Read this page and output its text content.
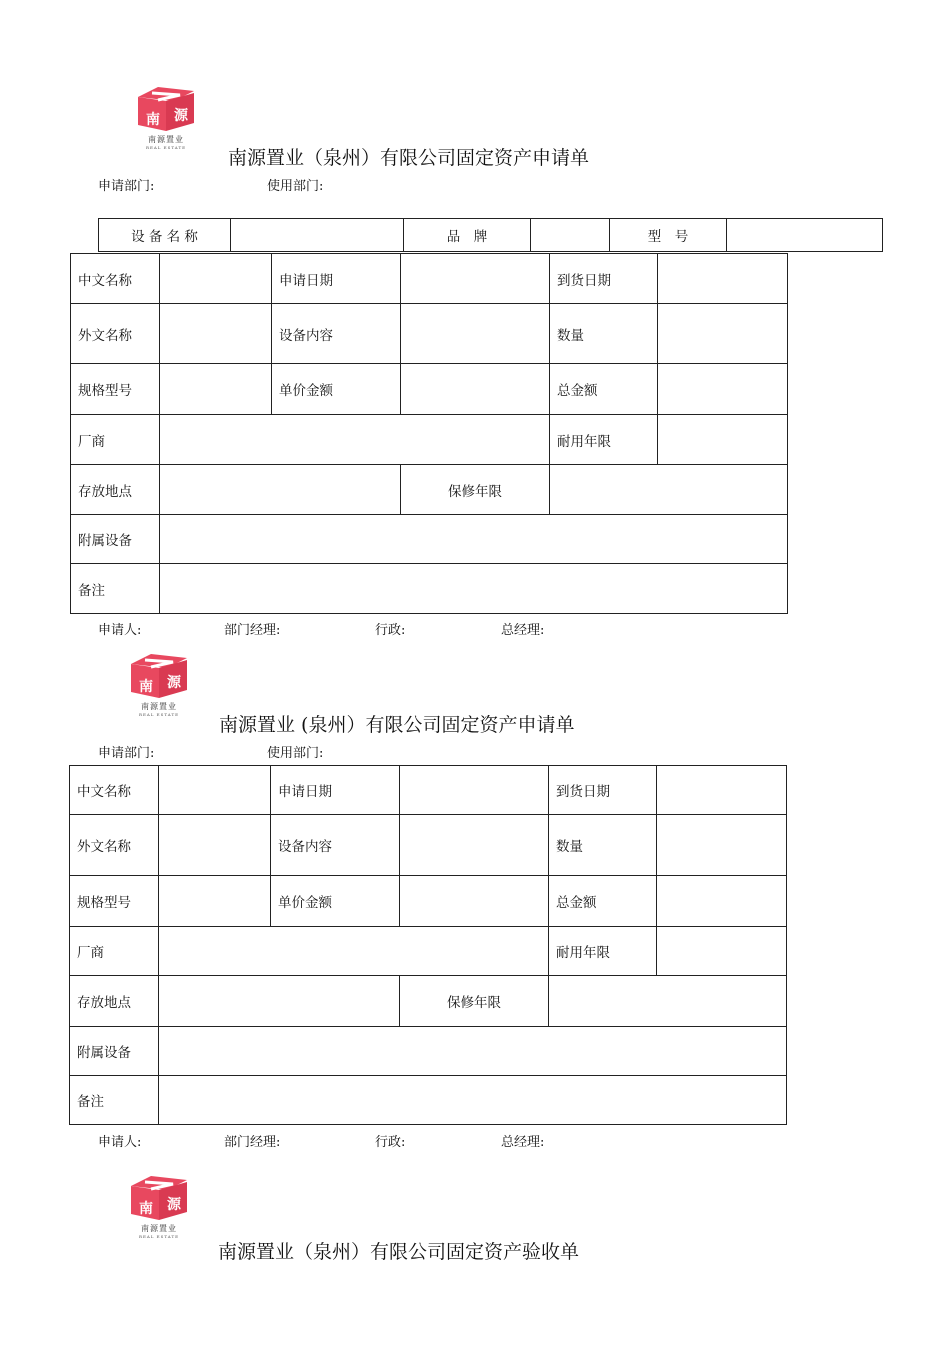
南	源
南源置业
REAL ESTATE	南源置业（泉州）有限公司固定资产申请单
申请部门:	使用部门:
设 备 名 称		品　牌		型　号	
中文名称		申请日期		到货日期	
外文名称		设备内容		数量	
规格型号		单价金额		总金额	
厂商				耐用年限	
存放地点			保修年限		
附属设备					
备注					
申请人:	部门经理:	行政:	总经理:
南	源
南源置业
REAL ESTATE	南源置业 (泉州）有限公司固定资产申请单
申请部门:	使用部门:
中文名称		申请日期		到货日期	
外文名称		设备内容		数量	
规格型号		单价金额		总金额	
厂商				耐用年限	
存放地点			保修年限		
附属设备					
备注					
申请人:	部门经理:	行政:	总经理:
南	源
南源置业
REAL ESTATE
南源置业（泉州）有限公司固定资产验收单
